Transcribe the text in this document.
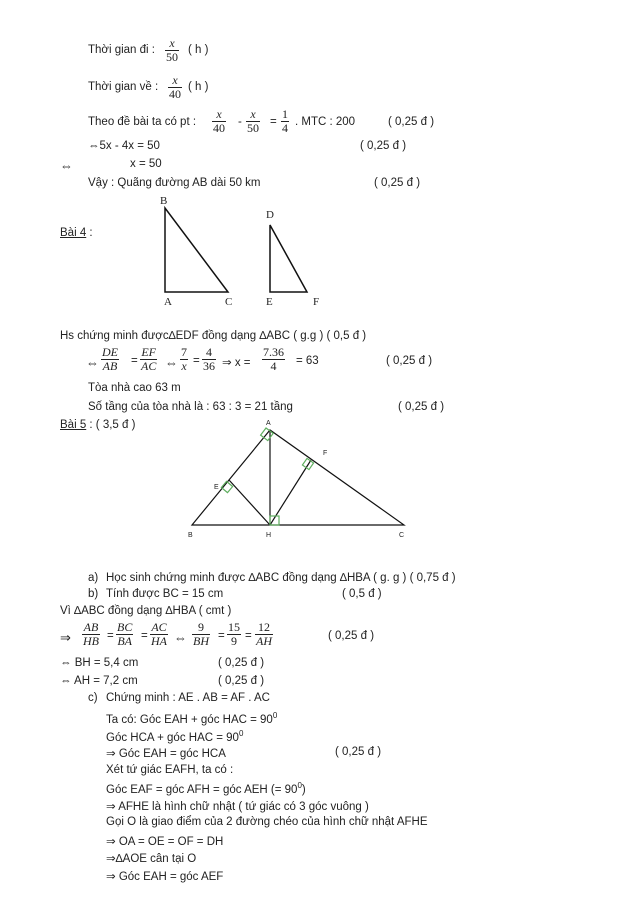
Thời gian đi : $\frac{x}{50}$ ( h )
Thời gian về : $\frac{x}{40}$ ( h )
Theo đề bài ta có pt : $\frac{x}{40} - \frac{x}{50} = \frac{1}{4}$ . MTC : 200	( 0,25 đ )
⇔5x - 4x = 50	( 0,25 đ )
⇔	x = 50
Vậy : Quãng đường AB dài 50 km	( 0,25 đ )
Bài 4 :
B
A	C
D
E	F
Hs chứng minh được∆EDF đồng dạng ∆ABC ( g.g ) ( 0,5 đ )
⇔ $\frac{DE}{AB} = \frac{EF}{AC}$ ⇔ $\frac{7}{x} = \frac{4}{36}$ ⇒ $x = \frac{7.36}{4} = 63$	( 0,25 đ )
Tòa nhà cao 63 m
Số tầng của tòa nhà là : 63 : 3 = 21 tầng	( 0,25 đ )
Bài 5 : ( 3,5 đ )	A
B	C
E
F
H
a) Học sinh chứng minh được ∆ABC đồng dạng ∆HBA ( g. g ) ( 0,75 đ )
b) Tính được BC = 15 cm	( 0,5 đ )
Vì ∆ABC đồng dạng ∆HBA ( cmt )
⇒ $\frac{AB}{HB} = \frac{BC}{BA} = \frac{AC}{HA}$ ⇔ $\frac{9}{BH} = \frac{15}{9} = \frac{12}{AH}$	( 0,25 đ )
⇔ BH = 5,4 cm	( 0,25 đ )
⇔ AH = 7,2 cm	( 0,25 đ )
c) Chứng minh : AE . AB = AF . AC
Ta có: Góc EAH + góc HAC = $90^0$
Góc HCA + góc HAC = $90^0$
⇒ Góc EAH = góc HCA	( 0,25 đ )
Xét tứ giác EAFH, ta có :
Góc EAF = góc AFH = góc AEH (= $90^0$)
⇒ AFHE là hình chữ nhật ( tứ giác có 3 góc vuông )
Gọi O là giao điểm của 2 đường chéo của hình chữ nhật AFHE
⇒ OA = OE = OF = DH
⇒∆AOE cân tại O
⇒ Góc EAH = góc AEF
